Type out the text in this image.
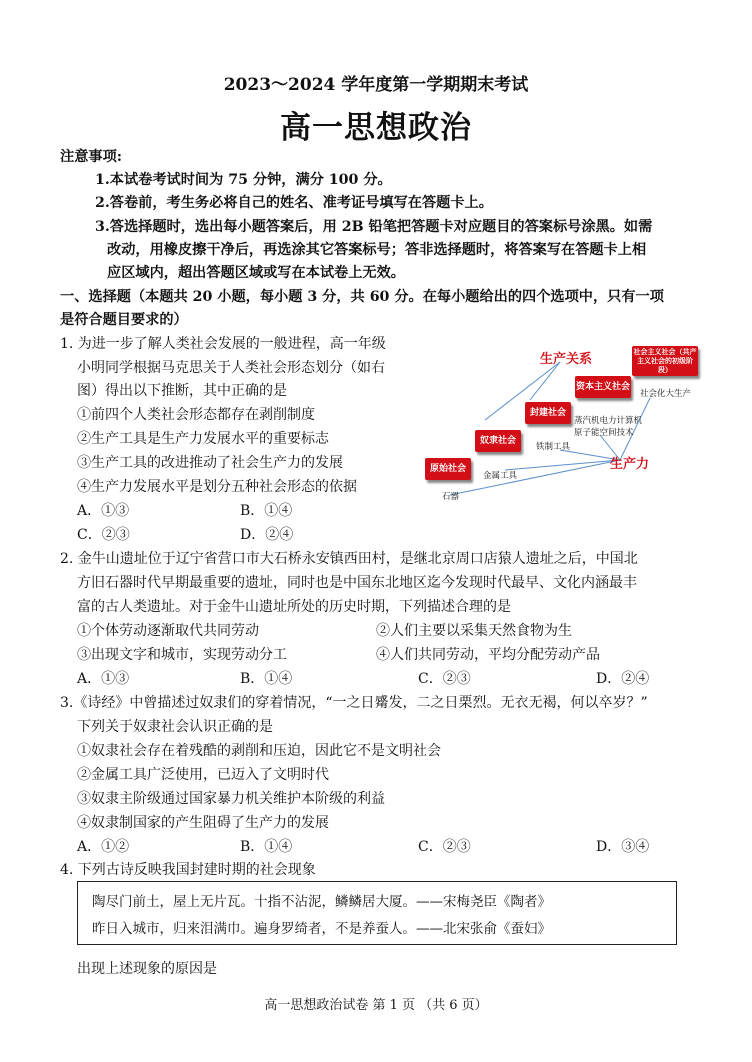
2023～2024 学年度第一学期期末考试
高一思想政治
注意事项:
1.本试卷考试时间为 75 分钟，满分 100 分。
2.答卷前，考生务必将自己的姓名、准考证号填写在答题卡上。
3.答选择题时，选出每小题答案后，用 2B 铅笔把答题卡对应题目的答案标号涂黑。如需
改动，用橡皮擦干净后，再选涂其它答案标号；答非选择题时，将答案写在答题卡上相
应区域内，超出答题区域或写在本试卷上无效。
一、选择题（本题共 20 小题，每小题 3 分，共 60 分。在每小题给出的四个选项中，只有一项
是符合题目要求的）
1. 为进一步了解人类社会发展的一般进程，高一年级
小明同学根据马克思关于人类社会形态划分（如右
图）得出以下推断，其中正确的是
①前四个人类社会形态都存在剥削制度
②生产工具是生产力发展水平的重要标志
③生产工具的改进推动了社会生产力的发展
④生产力发展水平是划分五种社会形态的依据
A．①③	B．①④
C．②③	D．②④
生产关系
生产力
原始社会
奴隶社会
封建社会
资本主义社会
社会主义社会（共产主义社会的初级阶段）
石器
金属工具
铁制工具
蒸汽机电力计算机
原子能空间技术
社会化大生产
2. 金牛山遗址位于辽宁省营口市大石桥永安镇西田村，是继北京周口店猿人遗址之后，中国北
方旧石器时代早期最重要的遗址，同时也是中国东北地区迄今发现时代最早、文化内涵最丰
富的古人类遗址。对于金牛山遗址所处的历史时期，下列描述合理的是
①个体劳动逐渐取代共同劳动	②人们主要以采集天然食物为生
③出现文字和城市，实现劳动分工	④人们共同劳动，平均分配劳动产品
A．①③	B．①④	C．②③	D．②④
3.《诗经》中曾描述过奴隶们的穿着情况，“一之日觱发，二之日栗烈。无衣无褐，何以卒岁？”
下列关于奴隶社会认识正确的是
①奴隶社会存在着残酷的剥削和压迫，因此它不是文明社会
②金属工具广泛使用，已迈入了文明时代
③奴隶主阶级通过国家暴力机关维护本阶级的利益
④奴隶制国家的产生阻碍了生产力的发展
A．①②	B．①④	C．②③	D．③④
4. 下列古诗反映我国封建时期的社会现象
陶尽门前土，屋上无片瓦。十指不沾泥，鳞鳞居大厦。——宋梅尧臣《陶者》
昨日入城市，归来泪满巾。遍身罗绮者，不是养蚕人。——北宋张俞《蚕妇》
出现上述现象的原因是
高一思想政治试卷 第 1 页 （共 6 页）
